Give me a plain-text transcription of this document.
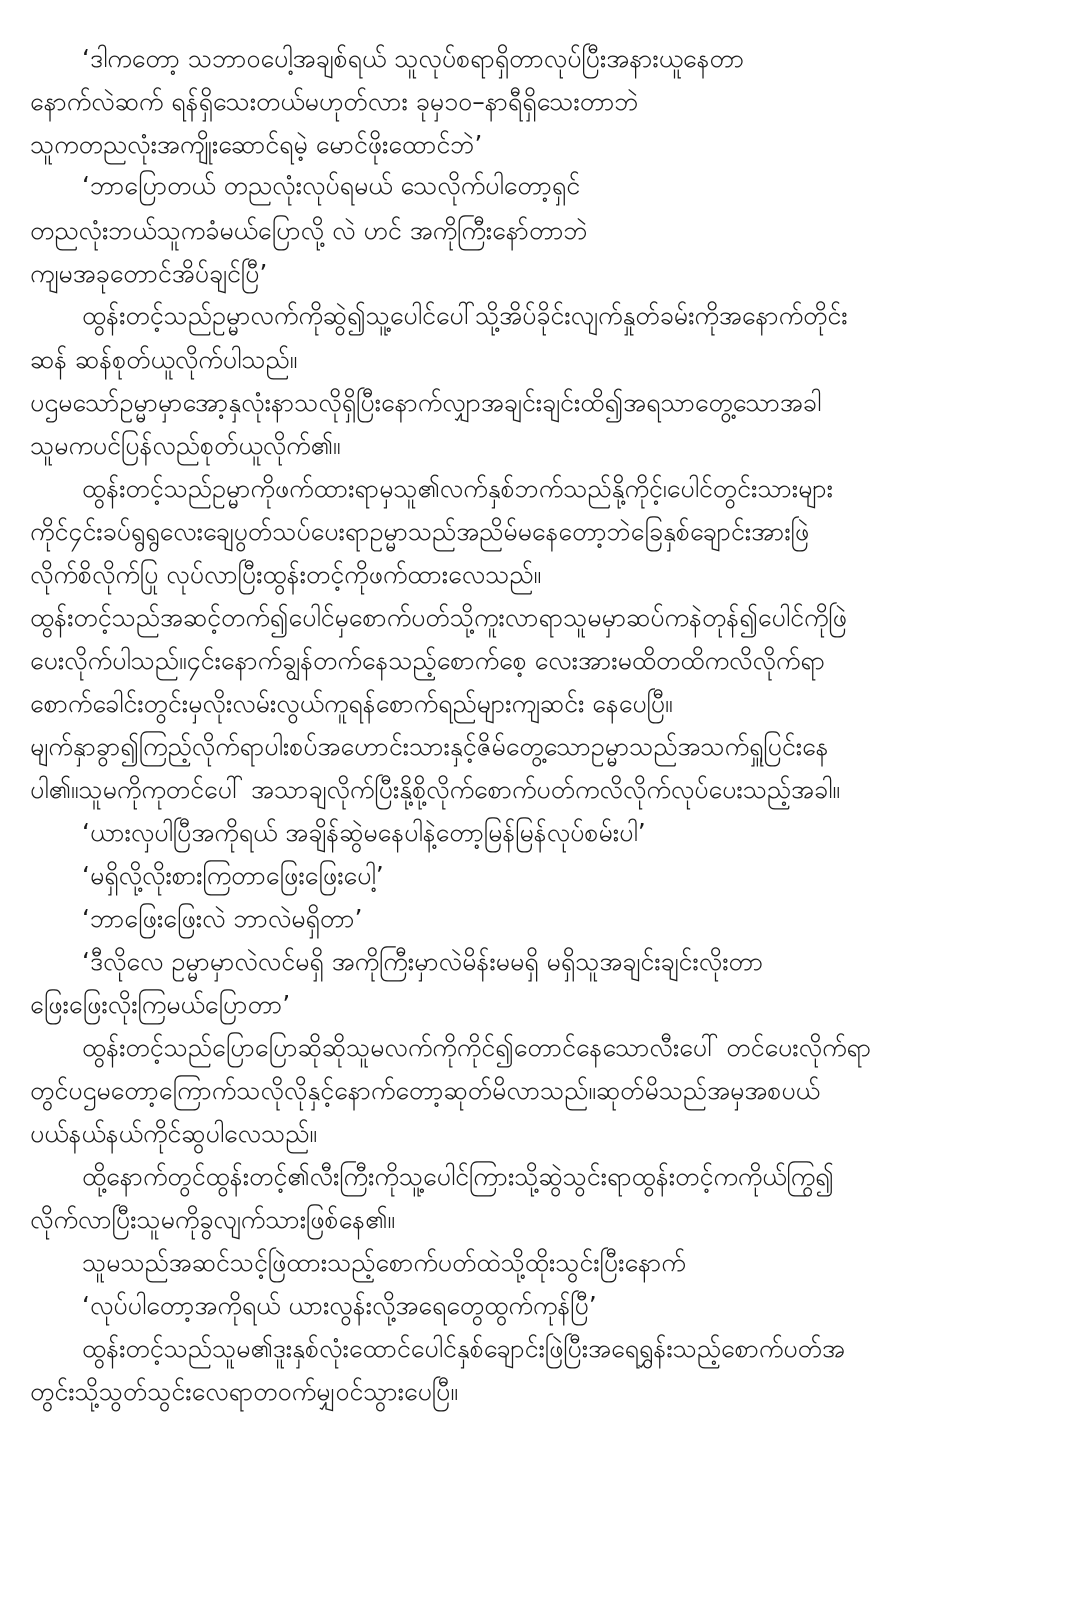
‘ဒါကတော့ သဘာဝပေါ့အချစ်ရယ် သူလုပ်စရာရှိတာလုပ်ပြီးအနားယူနေတာ
နောက်လဲဆက် ရန်ရှိသေးတယ်မဟုတ်လား ခုမှ၁၀–နာရီရှိသေးတာဘဲ
သူကတညလုံးအကျိုးဆောင်ရမဲ့ မောင်ဖိုးထောင်ဘဲ’
‘ဘာပြောတယ် တညလုံးလုပ်ရမယ် သေလိုက်ပါတော့ရှင်
တညလုံးဘယ်သူကခံမယ်ပြောလို့ လဲ ဟင် အကိုကြီးနော်တာဘဲ
ကျမအခုတောင်အိပ်ချင်ပြီ’
ထွန်းတင့်သည်ဥမ္မာလက်ကိုဆွဲ၍သူ့ပေါင်ပေါ်သို့အိပ်ခိုင်းလျက်နှုတ်ခမ်းကိုအနောက်တိုင်း
ဆန် ဆန်စုတ်ယူလိုက်ပါသည်။
ပဌမသော်ဥမ္မာမှာအော့နှလုံးနာသလိုရှိပြီးနောက်လျှာအချင်းချင်းထိ၍အရသာတွေ့သောအခါ
သူမကပင်ပြန်လည်စုတ်ယူလိုက်၏။
ထွန်းတင့်သည်ဥမ္မာကိုဖက်ထားရာမှသူ၏လက်နှစ်ဘက်သည်နို့ကိုင့်၊ပေါင်တွင်းသားများ
ကိုင်၄င်းခပ်ရွရွလေးချေပွတ်သပ်ပေးရာဥမ္မာသည်အညိမ်မနေတော့ဘဲခြေနှစ်ချောင်းအားဖြဲ
လိုက်စိလိုက်ပြု လုပ်လာပြီးထွန်းတင့်ကိုဖက်ထားလေသည်။
ထွန်းတင့်သည်အဆင့်တက်၍ပေါင်မှစောက်ပတ်သို့ကူးလာရာသူမမှာဆပ်ကနဲတုန်၍ပေါင်ကိုဖြဲ
ပေးလိုက်ပါသည်။၄င်းနောက်ချွန်တက်နေသည့်စောက်စေ့ လေးအားမထိတထိကလိလိုက်ရာ
စောက်ခေါင်းတွင်းမှလိုးလမ်းလွယ်ကူရန်စောက်ရည်များကျဆင်း နေပေပြီ။
မျက်နှာခွာ၍ကြည့်လိုက်ရာပါးစပ်အဟောင်းသားနှင့်ဇိမ်တွေ့သောဥမ္မာသည်အသက်ရှူပြင်းနေ
ပါ၏။သူမကိုကုတင်ပေါ် အသာချလိုက်ပြီးနို့စို့လိုက်စောက်ပတ်ကလိလိုက်လုပ်ပေးသည့်အခါ။
‘ယားလှပါပြီအကိုရယ် အချိန်ဆွဲမနေပါနဲ့တော့မြန်မြန်လုပ်စမ်းပါ’
‘မရှိလို့လိုးစားကြတာဖြေးဖြေးပေါ့’
‘ဘာဖြေးဖြေးလဲ ဘာလဲမရှိတာ’
‘ဒီလိုလေ ဥမ္မာမှာလဲလင်မရှိ အကိုကြီးမှာလဲမိန်းမမရှိ မရှိသူအချင်းချင်းလိုးတာ
ဖြေးဖြေးလိုးကြမယ်ပြောတာ’
ထွန်းတင့်သည်ပြောပြောဆိုဆိုသူမလက်ကိုကိုင်၍တောင်နေသောလီးပေါ် တင်ပေးလိုက်ရာ
တွင်ပဌမတော့ကြောက်သလိုလိုနှင့်နောက်တော့ဆုတ်မိလာသည်။ဆုတ်မိသည်အမှအစပယ်
ပယ်နယ်နယ်ကိုင်ဆွပါလေသည်။
ထို့နောက်တွင်ထွန်းတင့်၏လီးကြီးကိုသူ့ပေါင်ကြားသို့ဆွဲသွင်းရာထွန်းတင့်ကကိုယ်ကြွ၍
လိုက်လာပြီးသူမကိုခွလျက်သားဖြစ်နေ၏။
သူမသည်အဆင်သင့်ဖြဲထားသည့်စောက်ပတ်ထဲသို့ထိုးသွင်းပြီးနောက်
‘လုပ်ပါတော့အကိုရယ် ယားလွန်းလို့အရေတွေထွက်ကုန်ပြီ’
ထွန်းတင့်သည်သူမ၏ဒူးနှစ်လုံးထောင်ပေါင်နှစ်ချောင်းဖြဲပြီးအရေရွှန်းသည့်စောက်ပတ်အ
တွင်းသို့သွတ်သွင်းလေရာတဝက်မျှဝင်သွားပေပြီ။
